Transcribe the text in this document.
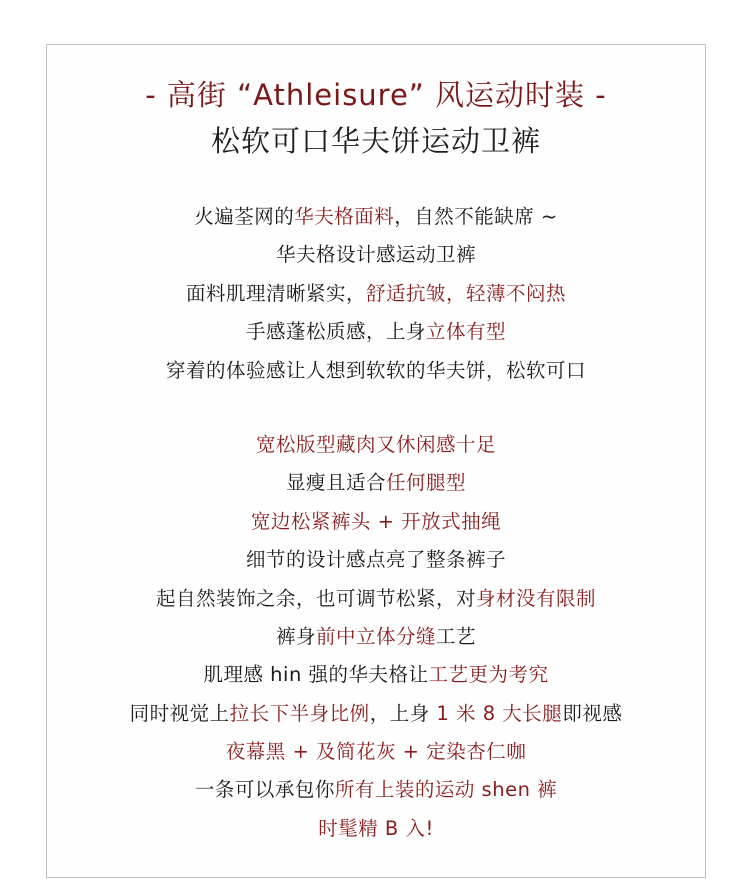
- 高街 “Athleisure” 风运动时装 -
松软可口华夫饼运动卫裤
火遍荃网的华夫格面料，自然不能缺席 ~
华夫格设计感运动卫裤
面料肌理清晰紧实，舒适抗皱，轻薄不闷热
手感蓬松质感，上身立体有型
穿着的体验感让人想到软软的华夫饼，松软可口
宽松版型藏肉又休闲感十足
显瘦且适合任何腿型
宽边松紧裤头 + 开放式抽绳
细节的设计感点亮了整条裤子
起自然装饰之余，也可调节松紧，对身材没有限制
裤身前中立体分缝工艺
肌理感 hin 强的华夫格让工艺更为考究
同时视觉上拉长下半身比例，上身 1 米 8 大长腿即视感
夜幕黑 + 及简花灰 + 定染杏仁咖
一条可以承包你所有上装的运动 shen 裤
时髦精 B 入!
